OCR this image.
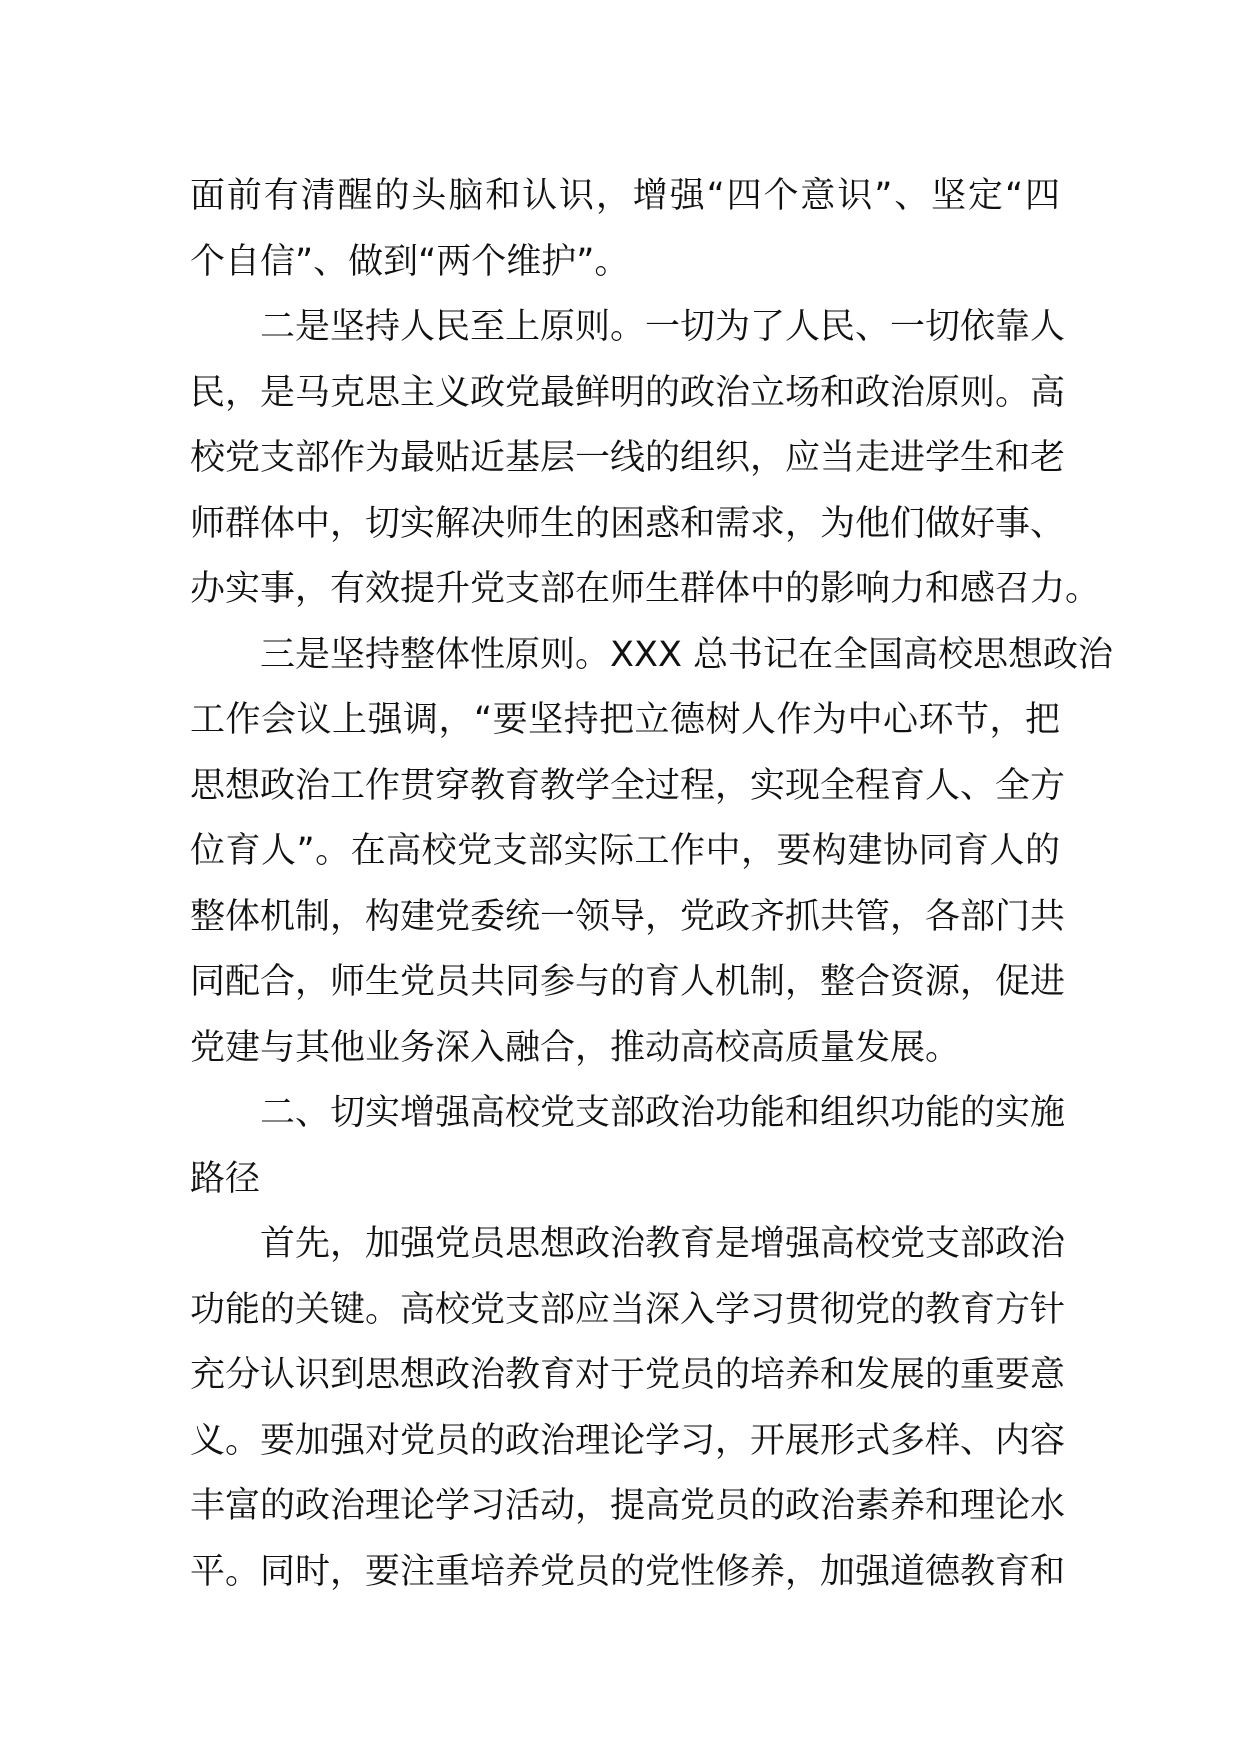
面前有清醒的头脑和认识，增强“四个意识”、坚定“四
个自信”、做到“两个维护”。
二是坚持人民至上原则。一切为了人民、一切依靠人
民，是马克思主义政党最鲜明的政治立场和政治原则。高
校党支部作为最贴近基层一线的组织，应当走进学生和老
师群体中，切实解决师生的困惑和需求，为他们做好事、
办实事，有效提升党支部在师生群体中的影响力和感召力。
三是坚持整体性原则。XXX 总书记在全国高校思想政治
工作会议上强调，“要坚持把立德树人作为中心环节，把
思想政治工作贯穿教育教学全过程，实现全程育人、全方
位育人”。在高校党支部实际工作中，要构建协同育人的
整体机制，构建党委统一领导，党政齐抓共管，各部门共
同配合，师生党员共同参与的育人机制，整合资源，促进
党建与其他业务深入融合，推动高校高质量发展。
二、切实增强高校党支部政治功能和组织功能的实施
路径
首先，加强党员思想政治教育是增强高校党支部政治
功能的关键。高校党支部应当深入学习贯彻党的教育方针
充分认识到思想政治教育对于党员的培养和发展的重要意
义。要加强对党员的政治理论学习，开展形式多样、内容
丰富的政治理论学习活动，提高党员的政治素养和理论水
平。同时，要注重培养党员的党性修养，加强道德教育和
